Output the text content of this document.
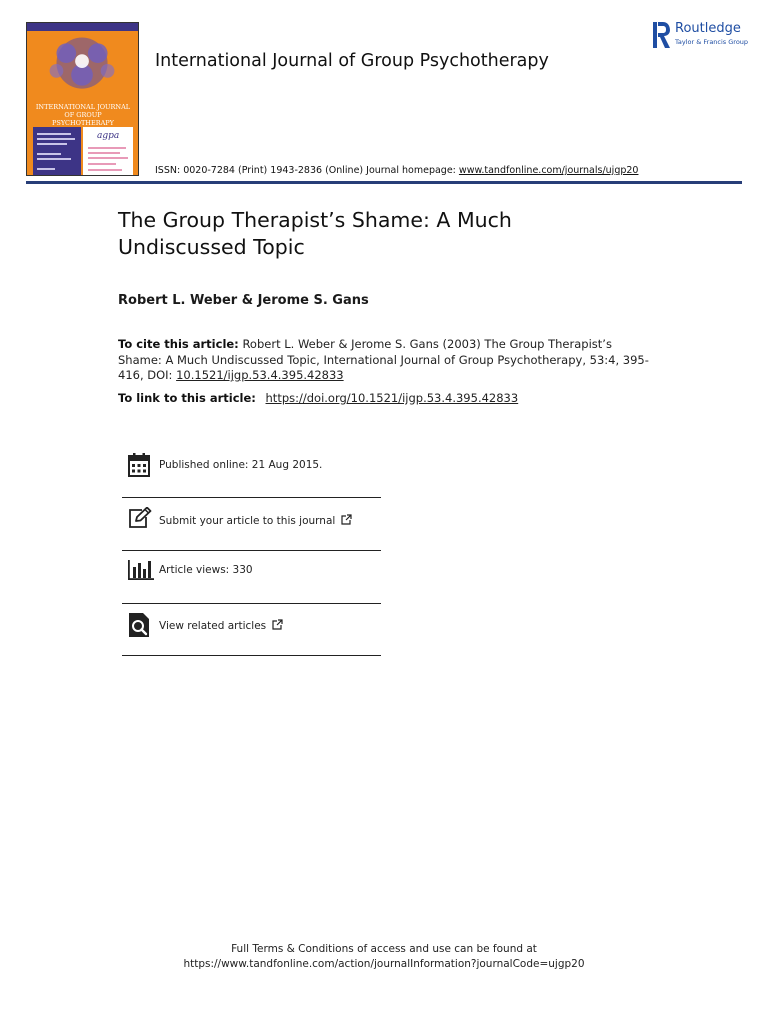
INTERNATIONAL JOURNAL OF GROUP PSYCHOTHERAPY
agpa
International Journal of Group Psychotherapy
ISSN: 0020-7284 (Print) 1943-2836 (Online) Journal homepage: www.tandfonline.com/journals/ujgp20
Routledge
Taylor & Francis Group
The Group Therapist’s Shame: A Much Undiscussed Topic
Robert L. Weber & Jerome S. Gans
To cite this article: Robert L. Weber & Jerome S. Gans (2003) The Group Therapist’s Shame: A Much Undiscussed Topic, International Journal of Group Psychotherapy, 53:4, 395-416, DOI: 10.1521/ijgp.53.4.395.42833
To link to this article: https://doi.org/10.1521/ijgp.53.4.395.42833
Published online: 21 Aug 2015.
Submit your article to this journal
Article views: 330
View related articles
Full Terms & Conditions of access and use can be found at
https://www.tandfonline.com/action/journalInformation?journalCode=ujgp20
